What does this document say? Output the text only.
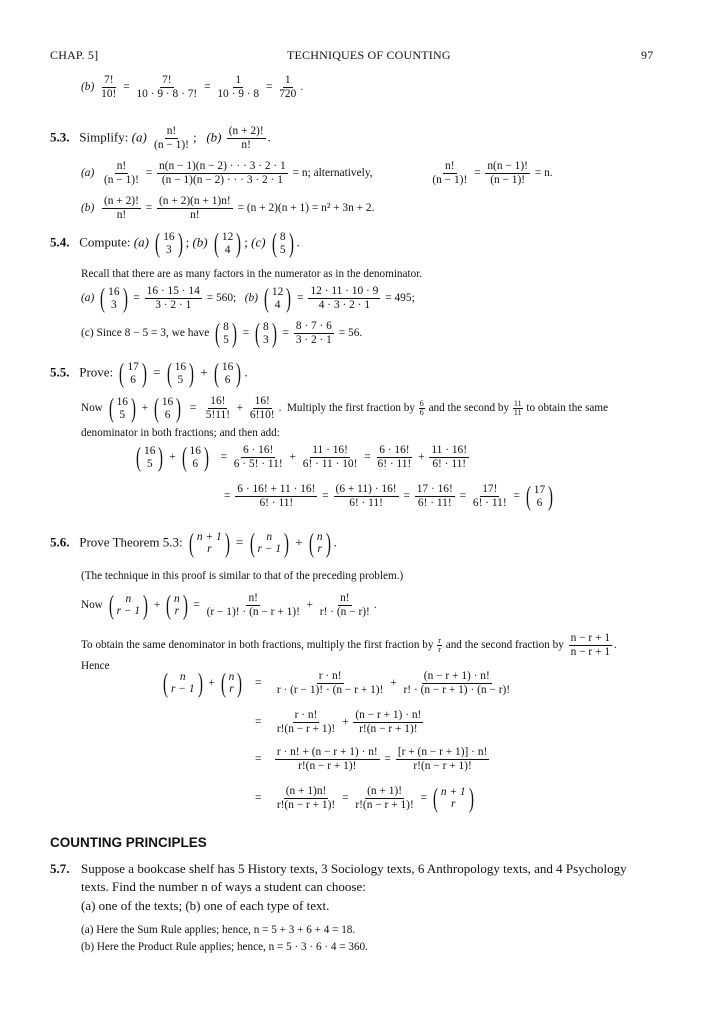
CHAP. 5]	TECHNIQUES OF COUNTING	97
$(b) \frac{7!}{10!} = \frac{7!}{10 \cdot 9 \cdot 8 \cdot 7!} = \frac{1}{10 \cdot 9 \cdot 8} = \frac{1}{720}$ .
5.3. Simplify: $(a) \frac{n!}{(n - 1)!}$ ;   $(b) \frac{(n + 2)!}{n!}$ .
$(a) \frac{n!}{(n - 1)!} = \frac{n(n - 1)(n - 2) \cdot \cdot \cdot 3 \cdot 2 \cdot 1}{(n - 1)(n - 2) \cdot \cdot \cdot 3 \cdot 2 \cdot 1} = n$; alternatively,	$\frac{n!}{(n - 1)!} = \frac{n(n - 1)!}{(n - 1)!} = n$.
$(b) \frac{(n + 2)!}{n!} = \frac{(n + 2)(n + 1)n!}{n!} = (n + 2)(n + 1) = n^2 + 3n + 2$.
5.4. Compute: (a) ( 16
3 ) ; (b) ( 12
4 ) ; (c) ( 8
5 ) .
Recall that there are as many factors in the numerator as in the denominator.
(a) ( 16
3 ) = $\frac{16 \cdot 15 \cdot 14}{3 \cdot 2 \cdot 1} = 560$; (b) ( 12
4 ) = $\frac{12 \cdot 11 \cdot 10 \cdot 9}{4 \cdot 3 \cdot 2 \cdot 1} = 495$;
(c) Since 8 − 5 = 3, we have ( 8
5 ) = ( 8
3 ) = $\frac{8 \cdot 7 \cdot 6}{3 \cdot 2 \cdot 1} = 56$.
5.5. Prove: ( 17
6 ) = ( 16
5 ) + ( 16
6 ) .
Now ( 16
5 ) + ( 16
6 ) = $\frac{16!}{5!11!} + \frac{16!}{6!10!}$ .  Multiply the first fraction by $\frac{6}{6}$ and the second by $\frac{11}{11}$ to obtain the same
denominator in both fractions; and then add:
( 16
5 ) + ( 16
6 ) = $\frac{6 \cdot 16!}{6 \cdot 5! \cdot 11!} + \frac{11 \cdot 16!}{6! \cdot 11 \cdot 10!} = \frac{6 \cdot 16!}{6! \cdot 11!} + \frac{11 \cdot 16!}{6! \cdot 11!}$
= $\frac{6 \cdot 16! + 11 \cdot 16!}{6! \cdot 11!} = \frac{(6 + 11) \cdot 16!}{6! \cdot 11!} = \frac{17 \cdot 16!}{6! \cdot 11!} = \frac{17!}{6! \cdot 11!}$ = ( 17
6 )
5.6. Prove Theorem 5.3: ( n + 1
r ) = ( n
r − 1 ) + ( n
r ) .
(The technique in this proof is similar to that of the preceding problem.)
Now ( n
r − 1 ) + ( n
r ) = $\frac{n!}{(r - 1)! \cdot (n - r + 1)!} + \frac{n!}{r! \cdot (n - r)!}$ .
To obtain the same denominator in both fractions, multiply the first fraction by $\frac{r}{r}$ and the second fraction by $\frac{n - r + 1}{n - r + 1}$ .
Hence
( n
r − 1 ) + ( n
r ) = $\frac{r \cdot n!}{r \cdot (r - 1)! \cdot (n - r + 1)!} + \frac{(n - r + 1) \cdot n!}{r! \cdot (n - r + 1) \cdot (n - r)!}$
= $\frac{r \cdot n!}{r!(n - r + 1)!} + \frac{(n - r + 1) \cdot n!}{r!(n - r + 1)!}$
= $\frac{r \cdot n! + (n - r + 1) \cdot n!}{r!(n - r + 1)!} = \frac{[r + (n - r + 1)] \cdot n!}{r!(n - r + 1)!}$
= $\frac{(n + 1)n!}{r!(n - r + 1)!} = \frac{(n + 1)!}{r!(n - r + 1)!}$ = ( n + 1
r )
COUNTING PRINCIPLES
5.7. Suppose a bookcase shelf has 5 History texts, 3 Sociology texts, 6 Anthropology texts, and 4 Psychology
texts. Find the number n of ways a student can choose:
(a) one of the texts; (b) one of each type of text.
(a) Here the Sum Rule applies; hence, n = 5 + 3 + 6 + 4 = 18.
(b) Here the Product Rule applies; hence, n = 5 · 3 · 6 · 4 = 360.
